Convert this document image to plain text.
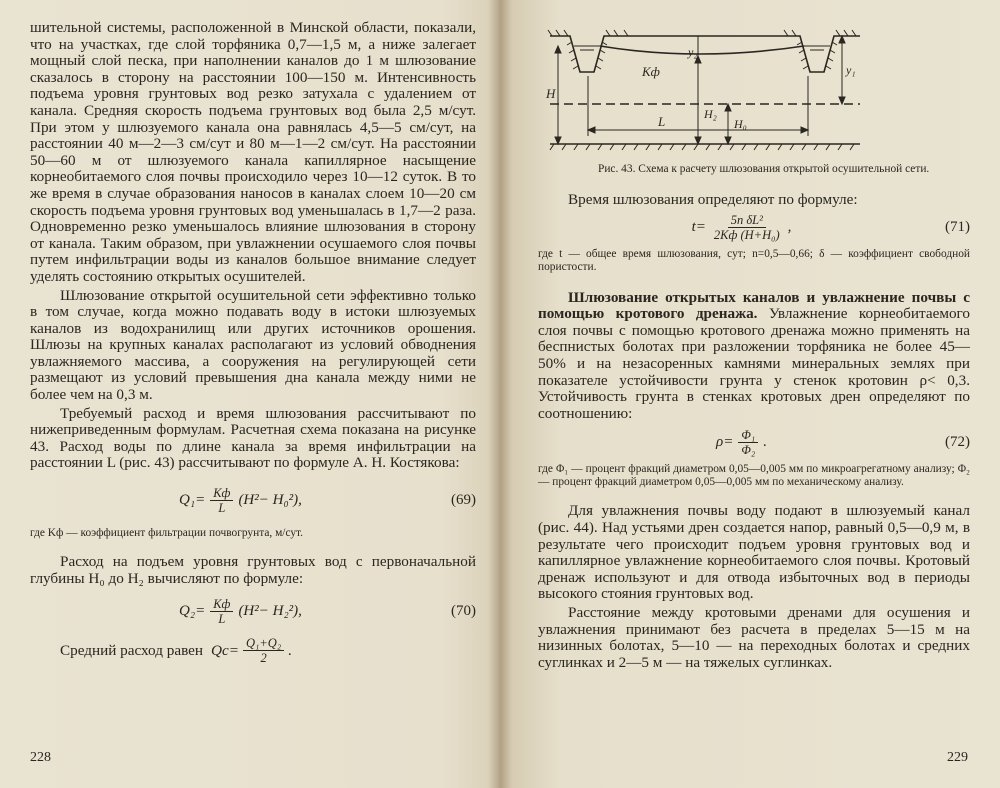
шительной системы, расположенной в Минской области, показали, что на участках, где слой торфяника 0,7—1,5 м, а ниже залегает мощный слой песка, при наполнении каналов до 1 м шлюзование сказалось в сторону на расстоянии 100—150 м. Интенсивность подъема уровня грунтовых вод резко затухала с удалением от канала. Средняя скорость подъема грунтовых вод была 2,5 м/сут. При этом у шлюзуемого канала она равнялась 4,5—5 см/сут, на расстоянии 40 м—2—3 см/сут и 80 м—1—2 см/сут. На расстоянии 50—60 м от шлюзуемого канала капиллярное насыщение корнеобитаемого слоя почвы происходило через 10—12 суток. В то же время в случае образования наносов в каналах слоем 10—20 см скорость подъема уровня грунтовых вод уменьшалась в 1,7—2 раза. Одновременно резко уменьшалось влияние шлюзования в сторону от канала. Таким образом, при увлажнении осушаемого слоя почвы путем инфильтрации воды из каналов большое внимание следует уделять состоянию открытых осушителей.

Шлюзование открытой осушительной сети эффективно только в том случае, когда можно подавать воду в истоки шлюзуемых каналов из водохранилищ или других источников орошения. Шлюзы на крупных каналах располагают из условий обводнения увлажняемого массива, а сооружения на регулирующей сети размещают из условий превышения дна канала между ними не более чем на 0,3 м.

Требуемый расход и время шлюзования рассчитывают по нижеприведенным формулам. Расчетная схема показана на рисунке 43. Расход воды по длине канала за время инфильтрации на расстоянии L (рис. 43) рассчитывают по формуле А. Н. Костякова:

$Q_1= \frac{Kф}{L} (H^2- H_0^2)$,	(69)

где Kф — коэффициент фильтрации почвогрунта, м/сут.

Расход на подъем уровня грунтовых вод с первоначальной глубины H₀ до H₂ вычисляют по формуле:

$Q_2= \frac{Kф}{L} (H^2- H_2^2)$,	(70)
Средний расход равен $Qс= \frac{\text{Q₁+Q₂}}{2}$ .
228
H
y₂
Kф
H₂
H₀
y₁
L

Рис. 43. Схема к расчету шлюзования открытой осушительной сети.

Время шлюзования определяют по формуле:

$t= \frac{\text{5n δL²}}{\text{2Kф (H+H₀)}}$ ,	(71)

где t — общее время шлюзования, сут; n=0,5—0,66; δ — коэффициент свободной пористости.

Шлюзование открытых каналов и увлажнение почвы с помощью кротового дренажа. Увлажнение корнеобитаемого слоя почвы с помощью кротового дренажа можно применять на беспнистых болотах при разложении торфяника не более 45—50% и на незасоренных камнями минеральных землях при показателе устойчивости грунта у стенок кротовин ρ< 0,3. Устойчивость грунта в стенках кротовых дрен определяют по соотношению:

$\rho= \frac{\text{Φ₁}}{\text{Φ₂}}$ .	(72)

где Φ₁ — процент фракций диаметром 0,05—0,005 мм по микроагрегатному анализу; Φ₂ — процент фракций диаметром 0,05—0,005 мм по механическому анализу.

Для увлажнения почвы воду подают в шлюзуемый канал (рис. 44). Над устьями дрен создается напор, равный 0,5—0,9 м, в результате чего происходит подъем уровня грунтовых вод и капиллярное увлажнение корнеобитаемого слоя почвы. Кротовый дренаж используют и для отвода избыточных вод в периоды высокого стояния грунтовых вод.

Расстояние между кротовыми дренами для осушения и увлажнения принимают без расчета в пределах 5—15 м на низинных болотах, 5—10 — на переходных болотах и средних суглинках и 2—5 м — на тяжелых суглинках.

229
